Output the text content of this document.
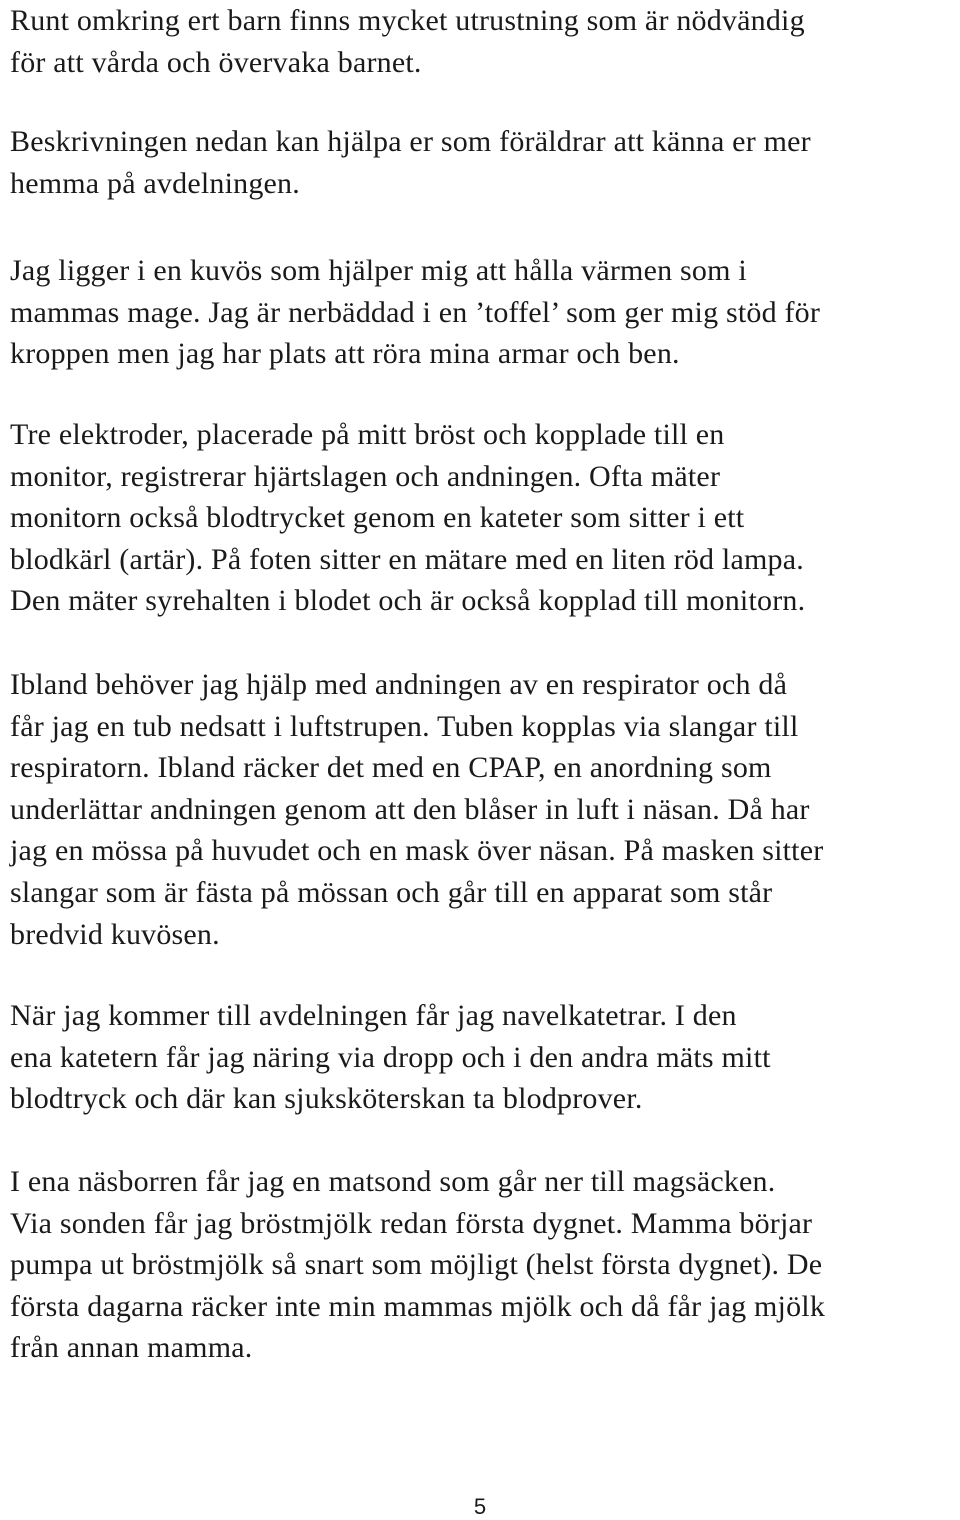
Runt omkring ert barn finns mycket utrustning som är nödvändig
för att vårda och övervaka barnet.
Beskrivningen nedan kan hjälpa er som föräldrar att känna er mer
hemma på avdelningen.
Jag ligger i en kuvös som hjälper mig att hålla värmen som i
mammas mage. Jag är nerbäddad i en ’toffel’ som ger mig stöd för
kroppen men jag har plats att röra mina armar och ben.
Tre elektroder, placerade på mitt bröst och kopplade till en
monitor, registrerar hjärtslagen och andningen. Ofta mäter
monitorn också blodtrycket genom en kateter som sitter i ett
blodkärl (artär). På foten sitter en mätare med en liten röd lampa.
Den mäter syrehalten i blodet och är också kopplad till monitorn.
Ibland behöver jag hjälp med andningen av en respirator och då
får jag en tub nedsatt i luftstrupen. Tuben kopplas via slangar till
respiratorn. Ibland räcker det med en CPAP, en anordning som
underlättar andningen genom att den blåser in luft i näsan. Då har
jag en mössa på huvudet och en mask över näsan. På masken sitter
slangar som är fästa på mössan och går till en apparat som står
bredvid kuvösen.
När jag kommer till avdelningen får jag navelkatetrar. I den
ena katetern får jag näring via dropp och i den andra mäts mitt
blodtryck och där kan sjuksköterskan ta blodprover.
I ena näsborren får jag en matsond som går ner till magsäcken.
Via sonden får jag bröstmjölk redan första dygnet. Mamma börjar
pumpa ut bröstmjölk så snart som möjligt (helst första dygnet). De
första dagarna räcker inte min mammas mjölk och då får jag mjölk
från annan mamma.
5
